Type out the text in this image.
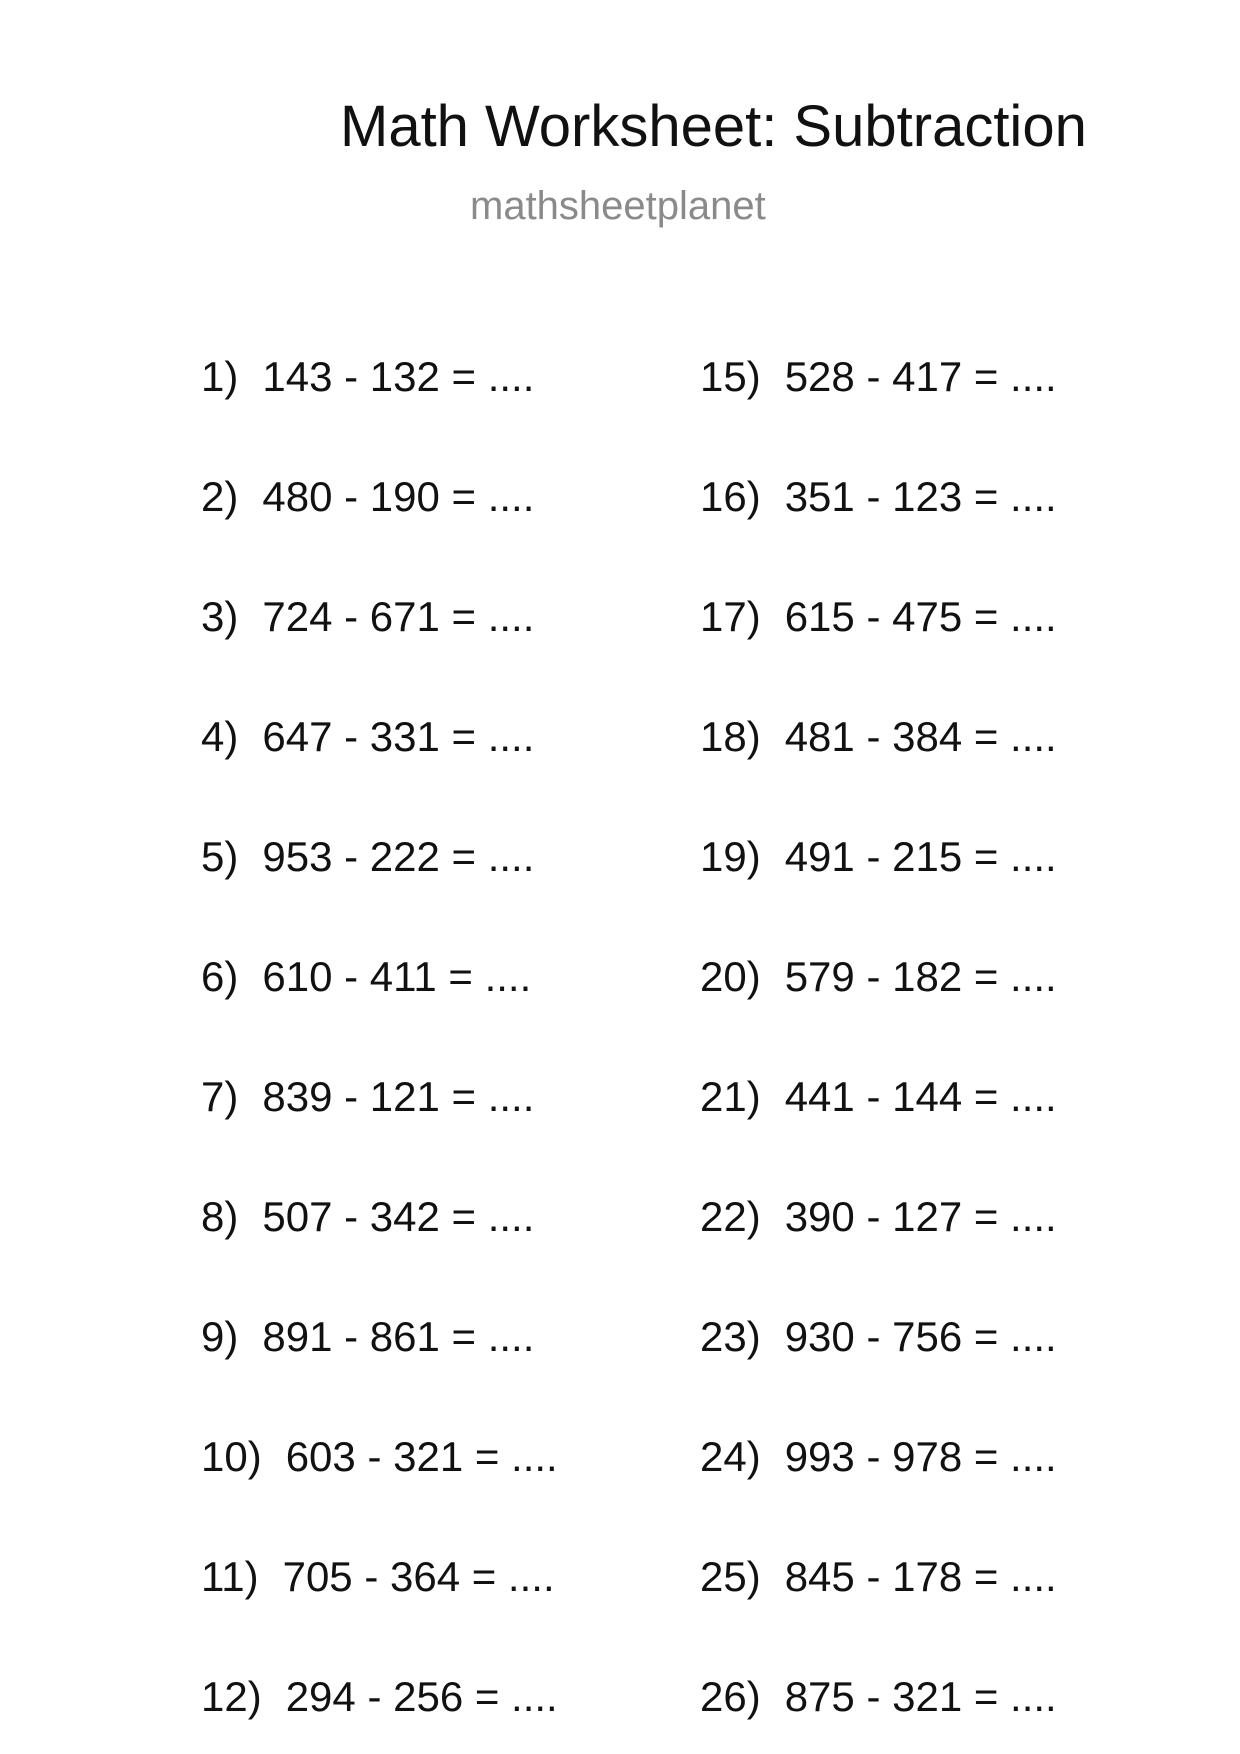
Math Worksheet: Subtraction
mathsheetplanet
1) 143 - 132 = ....
2) 480 - 190 = ....
3) 724 - 671 = ....
4) 647 - 331 = ....
5) 953 - 222 = ....
6) 610 - 411 = ....
7) 839 - 121 = ....
8) 507 - 342 = ....
9) 891 - 861 = ....
10) 603 - 321 = ....
11) 705 - 364 = ....
12) 294 - 256 = ....
15) 528 - 417 = ....
16) 351 - 123 = ....
17) 615 - 475 = ....
18) 481 - 384 = ....
19) 491 - 215 = ....
20) 579 - 182 = ....
21) 441 - 144 = ....
22) 390 - 127 = ....
23) 930 - 756 = ....
24) 993 - 978 = ....
25) 845 - 178 = ....
26) 875 - 321 = ....
